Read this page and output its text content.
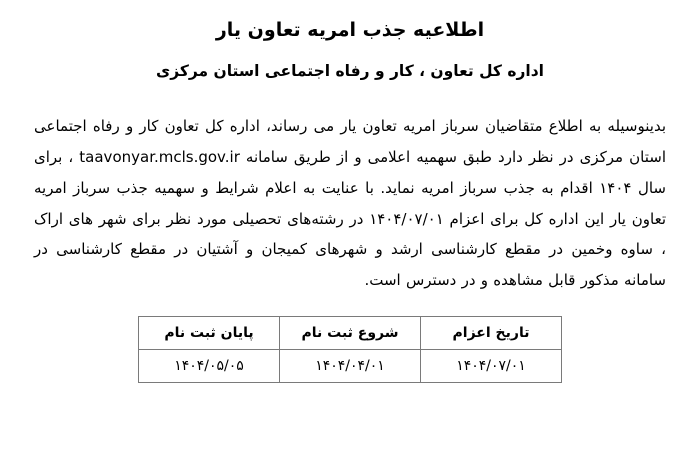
اطلاعیه جذب امریه تعاون یار
اداره کل تعاون ، کار و رفاه اجتماعی استان مرکزی
بدینوسیله به اطلاع متقاضیان سرباز امریه تعاون یار می رساند، اداره کل تعاون کار و رفاه اجتماعی استان مرکزی در نظر دارد طبق سهمیه اعلامی و از طریق سامانه taavonyar.mcls.gov.ir ، برای سال ۱۴۰۴ اقدام به جذب سرباز امریه نماید. با عنایت به اعلام شرایط و سهمیه جذب سرباز امریه تعاون یار این اداره کل برای اعزام ۱۴۰۴/۰۷/۰۱ در رشته‌های تحصیلی مورد نظر برای شهر های اراک ، ساوه وخمین در مقطع کارشناسی ارشد و شهرهای کمیجان و آشتیان در مقطع کارشناسی در سامانه مذکور قابل مشاهده و در دسترس است.
تاریخ اعزام	شروع ثبت نام	پایان ثبت نام
۱۴۰۴/۰۷/۰۱	۱۴۰۴/۰۴/۰۱	۱۴۰۴/۰۵/۰۵
